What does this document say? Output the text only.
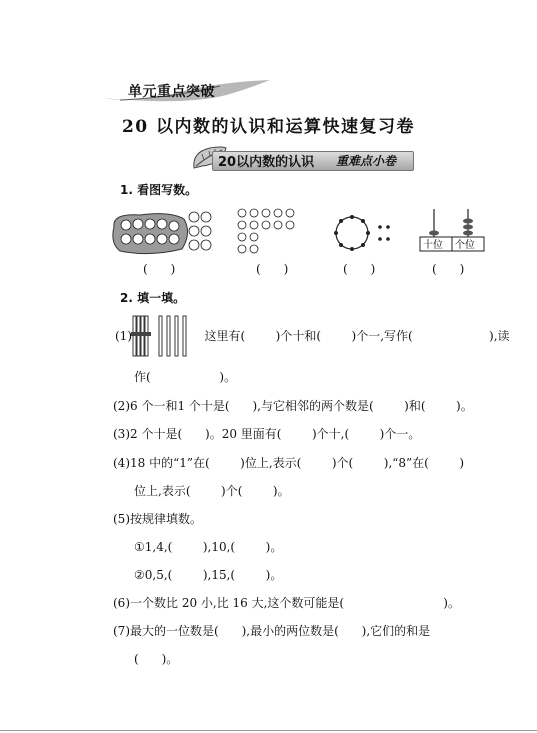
单元重点突破
20 以内数的认识和运算快速复习卷
20以内数的认识 重难点小卷
1. 看图写数。
十位 个位
(      )	(      )	(      )	(      )
2. 填一填。
(1)                   这里有(        )个十和(        )个一,写作(                    ),读
作(                  )。
(2)6 个一和1 个十是(      ),与它相邻的两个数是(        )和(        )。
(3)2 个十是(      )。20 里面有(        )个十,(        )个一。
(4)18 中的“1”在(        )位上,表示(        )个(        ),“8”在(        )
位上,表示(        )个(        )。
(5)按规律填数。
①1,4,(        ),10,(        )。
②0,5,(        ),15,(        )。
(6)一个数比 20 小,比 16 大,这个数可能是(                          )。
(7)最大的一位数是(      ),最小的两位数是(      ),它们的和是
(      )。
